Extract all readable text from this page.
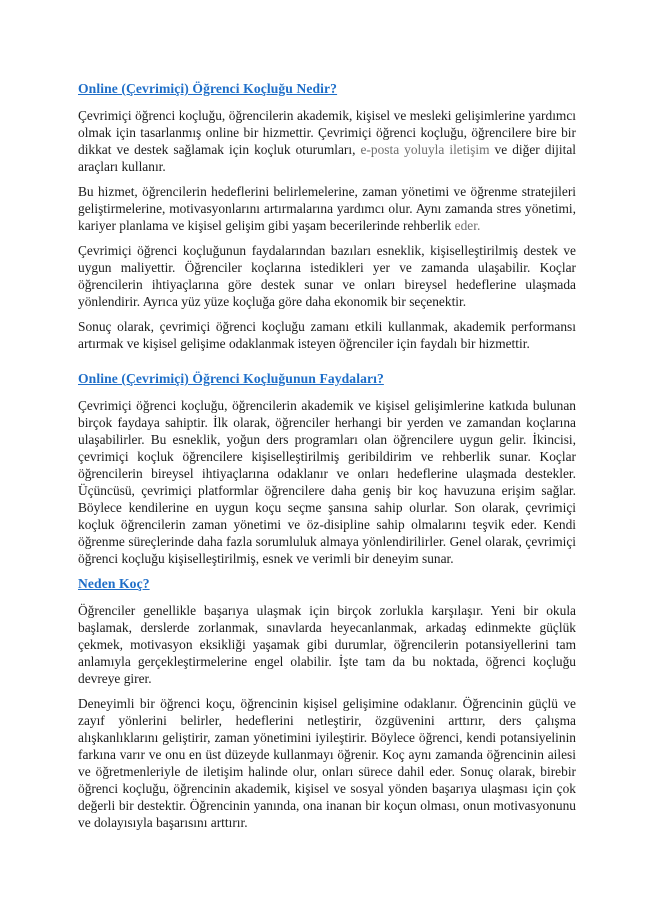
Online (Çevrimiçi) Öğrenci Koçluğu Nedir?

Çevrimiçi öğrenci koçluğu, öğrencilerin akademik, kişisel ve mesleki gelişimlerine yardımcı olmak için tasarlanmış online bir hizmettir. Çevrimiçi öğrenci koçluğu, öğrencilere bire bir dikkat ve destek sağlamak için koçluk oturumları, e-posta yoluyla iletişim ve diğer dijital araçları kullanır.

Bu hizmet, öğrencilerin hedeflerini belirlemelerine, zaman yönetimi ve öğrenme stratejileri geliştirmelerine, motivasyonlarını artırmalarına yardımcı olur. Aynı zamanda stres yönetimi, kariyer planlama ve kişisel gelişim gibi yaşam becerilerinde rehberlik eder.

Çevrimiçi öğrenci koçluğunun faydalarından bazıları esneklik, kişiselleştirilmiş destek ve uygun maliyettir. Öğrenciler koçlarına istedikleri yer ve zamanda ulaşabilir. Koçlar öğrencilerin ihtiyaçlarına göre destek sunar ve onları bireysel hedeflerine ulaşmada yönlendirir. Ayrıca yüz yüze koçluğa göre daha ekonomik bir seçenektir.

Sonuç olarak, çevrimiçi öğrenci koçluğu zamanı etkili kullanmak, akademik performansı artırmak ve kişisel gelişime odaklanmak isteyen öğrenciler için faydalı bir hizmettir.

Online (Çevrimiçi) Öğrenci Koçluğunun Faydaları?

Çevrimiçi öğrenci koçluğu, öğrencilerin akademik ve kişisel gelişimlerine katkıda bulunan birçok faydaya sahiptir. İlk olarak, öğrenciler herhangi bir yerden ve zamandan koçlarına ulaşabilirler. Bu esneklik, yoğun ders programları olan öğrencilere uygun gelir. İkincisi, çevrimiçi koçluk öğrencilere kişiselleştirilmiş geribildirim ve rehberlik sunar. Koçlar öğrencilerin bireysel ihtiyaçlarına odaklanır ve onları hedeflerine ulaşmada destekler. Üçüncüsü, çevrimiçi platformlar öğrencilere daha geniş bir koç havuzuna erişim sağlar. Böylece kendilerine en uygun koçu seçme şansına sahip olurlar. Son olarak, çevrimiçi koçluk öğrencilerin zaman yönetimi ve öz-disipline sahip olmalarını teşvik eder. Kendi öğrenme süreçlerinde daha fazla sorumluluk almaya yönlendirilirler. Genel olarak, çevrimiçi öğrenci koçluğu kişiselleştirilmiş, esnek ve verimli bir deneyim sunar.

Neden Koç?

Öğrenciler genellikle başarıya ulaşmak için birçok zorlukla karşılaşır. Yeni bir okula başlamak, derslerde zorlanmak, sınavlarda heyecanlanmak, arkadaş edinmekte güçlük çekmek, motivasyon eksikliği yaşamak gibi durumlar, öğrencilerin potansiyellerini tam anlamıyla gerçekleştirmelerine engel olabilir. İşte tam da bu noktada, öğrenci koçluğu devreye girer.

Deneyimli bir öğrenci koçu, öğrencinin kişisel gelişimine odaklanır. Öğrencinin güçlü ve zayıf yönlerini belirler, hedeflerini netleştirir, özgüvenini arttırır, ders çalışma alışkanlıklarını geliştirir, zaman yönetimini iyileştirir. Böylece öğrenci, kendi potansiyelinin farkına varır ve onu en üst düzeyde kullanmayı öğrenir. Koç aynı zamanda öğrencinin ailesi ve öğretmenleriyle de iletişim halinde olur, onları sürece dahil eder. Sonuç olarak, birebir öğrenci koçluğu, öğrencinin akademik, kişisel ve sosyal yönden başarıya ulaşması için çok değerli bir destektir. Öğrencinin yanında, ona inanan bir koçun olması, onun motivasyonunu ve dolayısıyla başarısını arttırır.
